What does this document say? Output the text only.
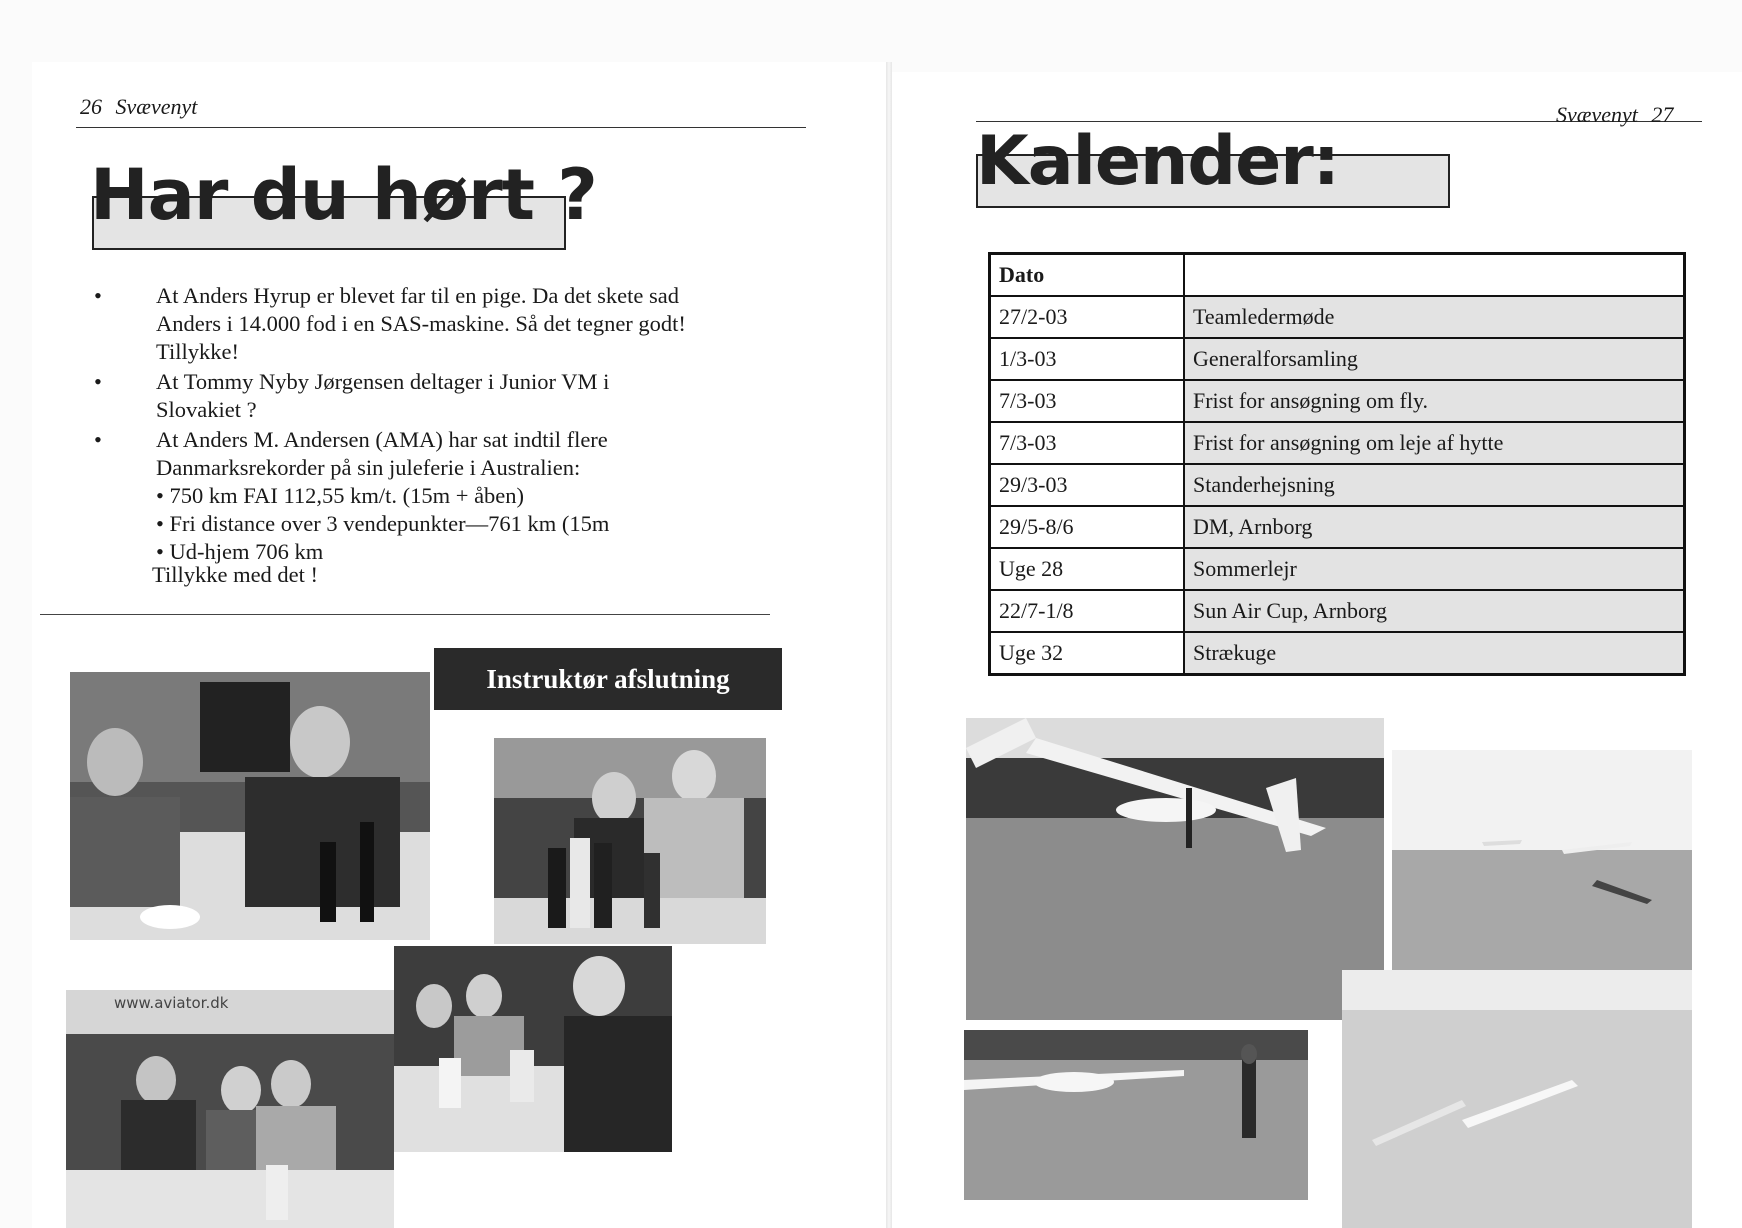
26 Svævenyt
Har du hørt ?
• At Anders Hyrup er blevet far til en pige. Da det skete sad
Anders i 14.000 fod i en SAS-maskine. Så det tegner godt!
Tillykke!
• At Tommy Nyby Jørgensen deltager i Junior VM i
Slovakiet ?
• At Anders M. Andersen (AMA) har sat indtil flere
Danmarksrekorder på sin juleferie i Australien:
• 750 km FAI 112,55 km/t. (15m + åben)
• Fri distance over 3 vendepunkter—761 km (15m
• Ud-hjem 706 km
Tillykke med det !
Instruktør afslutning
www.aviator.dk
Svævenyt 27
Kalender:
Dato	
27/2-03	Teamledermøde
1/3-03	Generalforsamling
7/3-03	Frist for ansøgning om fly.
7/3-03	Frist for ansøgning om leje af hytte
29/3-03	Standerhejsning
29/5-8/6	DM, Arnborg
Uge 28	Sommerlejr
22/7-1/8	Sun Air Cup, Arnborg
Uge 32	Strækuge
